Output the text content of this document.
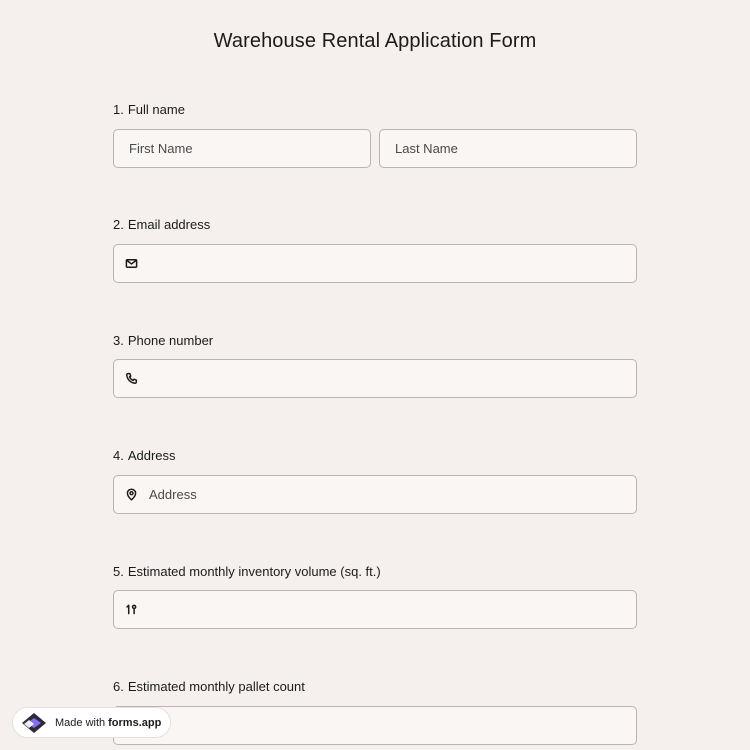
Warehouse Rental Application Form
1. Full name
First Name	Last Name
2. Email address
3. Phone number
4. Address
Address
5. Estimated monthly inventory volume (sq. ft.)
6. Estimated monthly pallet count
Made with forms.app
